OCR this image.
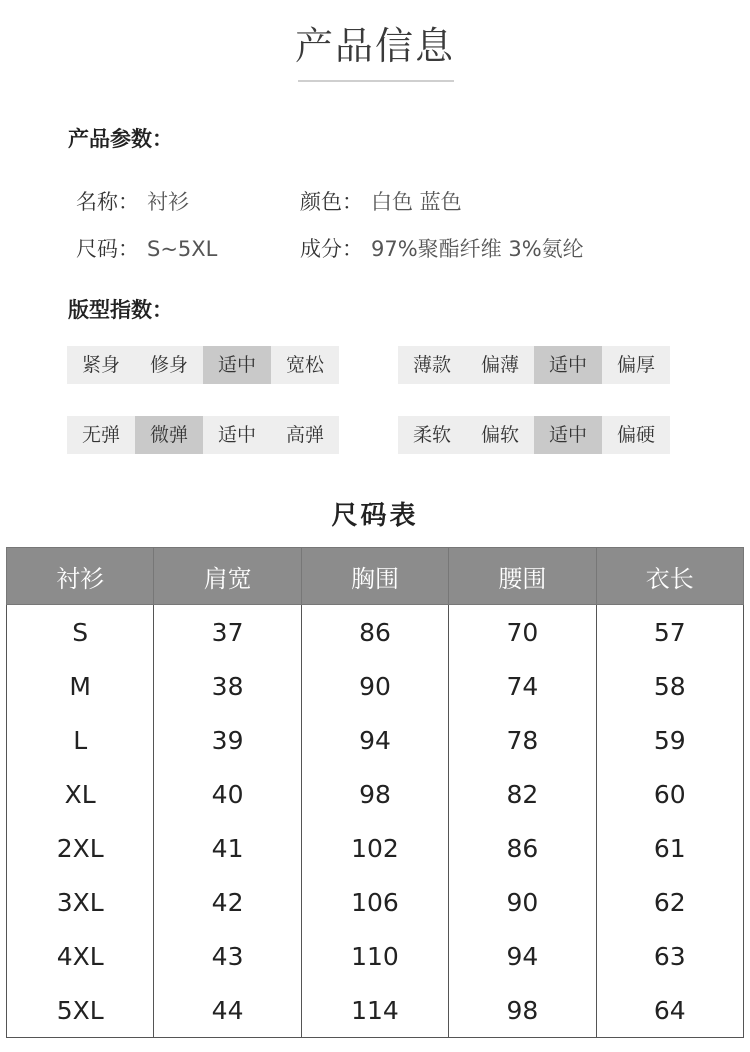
产品信息
产品参数：
名称： 衬衫	颜色： 白色 蓝色
尺码： S~5XL	成分： 97%聚酯纤维 3%氨纶
版型指数：
紧身	修身	适中	宽松	薄款	偏薄	适中	偏厚
无弹	微弹	适中	高弹	柔软	偏软	适中	偏硬
尺码表
衬衫	肩宽	胸围	腰围	衣长
S	37	86	70	57
M	38	90	74	58
L	39	94	78	59
XL	40	98	82	60
2XL	41	102	86	61
3XL	42	106	90	62
4XL	43	110	94	63
5XL	44	114	98	64
